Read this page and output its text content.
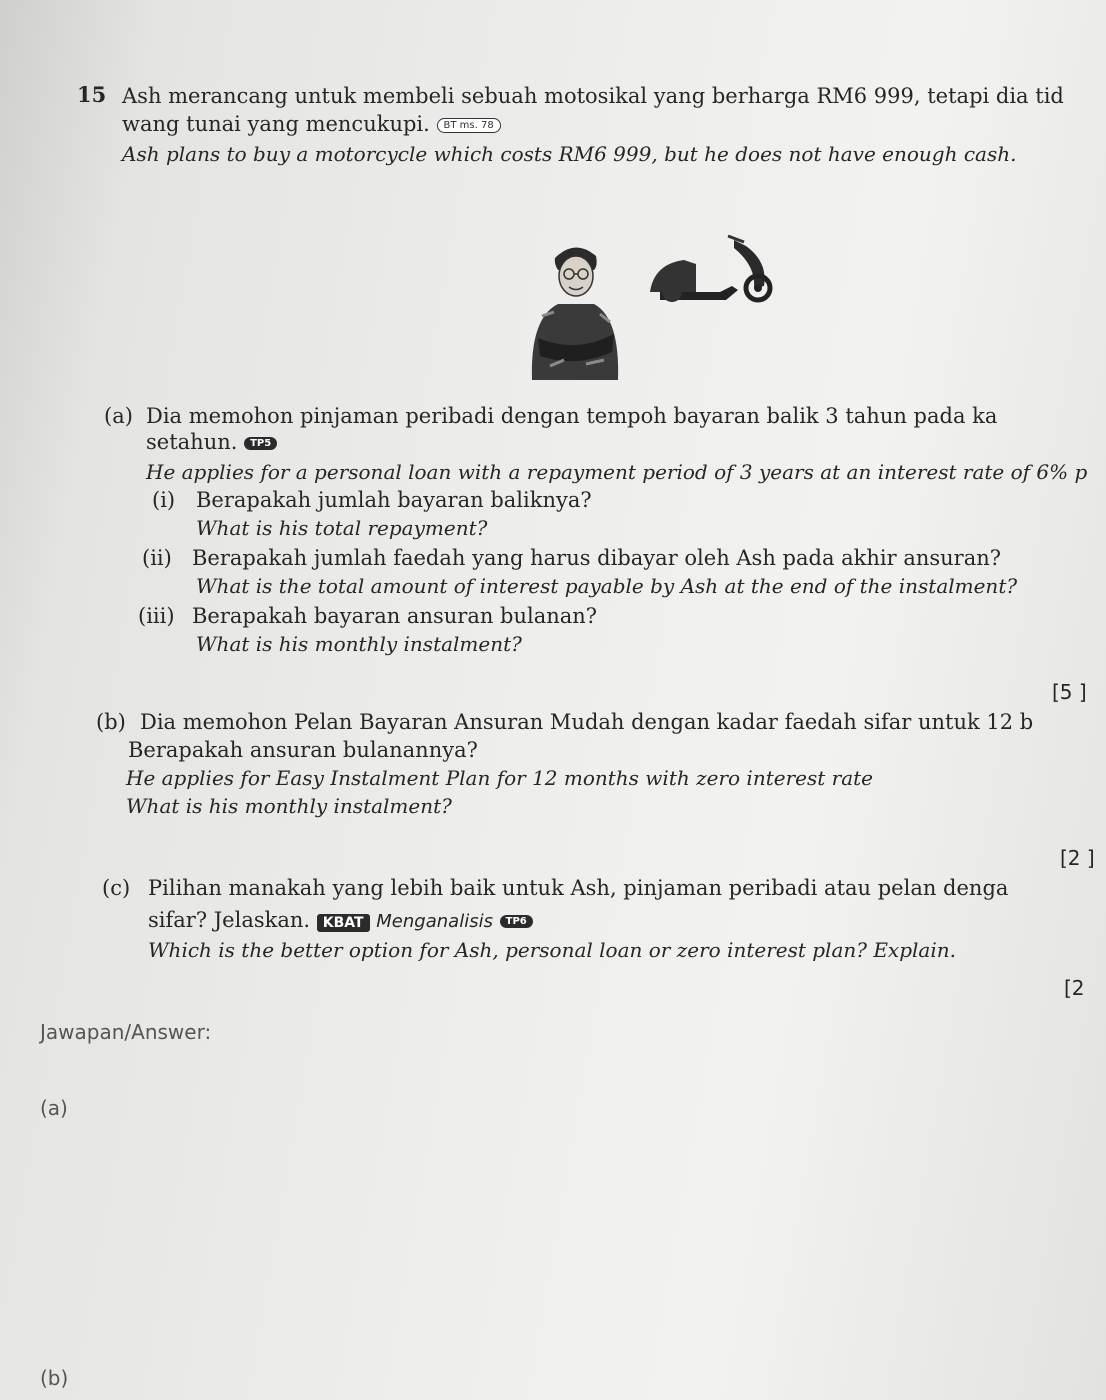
15 Ash merancang untuk membeli sebuah motosikal yang berharga RM6 999, tetapi dia tid
wang tunai yang mencukupi. BT ms. 78
Ash plans to buy a motorcycle which costs RM6 999, but he does not have enough cash.
(a) Dia memohon pinjaman peribadi dengan tempoh bayaran balik 3 tahun pada ka
setahun. TP5
He applies for a personal loan with a repayment period of 3 years at an interest rate of 6% p
(i) Berapakah jumlah bayaran baliknya?
What is his total repayment?
(ii) Berapakah jumlah faedah yang harus dibayar oleh Ash pada akhir ansuran?
What is the total amount of interest payable by Ash at the end of the instalment?
(iii) Berapakah bayaran ansuran bulanan?
What is his monthly instalment?
[5 ]
(b) Dia memohon Pelan Bayaran Ansuran Mudah dengan kadar faedah sifar untuk 12 b
Berapakah ansuran bulanannya?
He applies for Easy Instalment Plan for 12 months with zero interest rate
What is his monthly instalment?
[2 ]
(c) Pilihan manakah yang lebih baik untuk Ash, pinjaman peribadi atau pelan denga
sifar? Jelaskan. KBAT Menganalisis TP6
Which is the better option for Ash, personal loan or zero interest plan? Explain.
[2
Jawapan/Answer:
(a)
(b)
